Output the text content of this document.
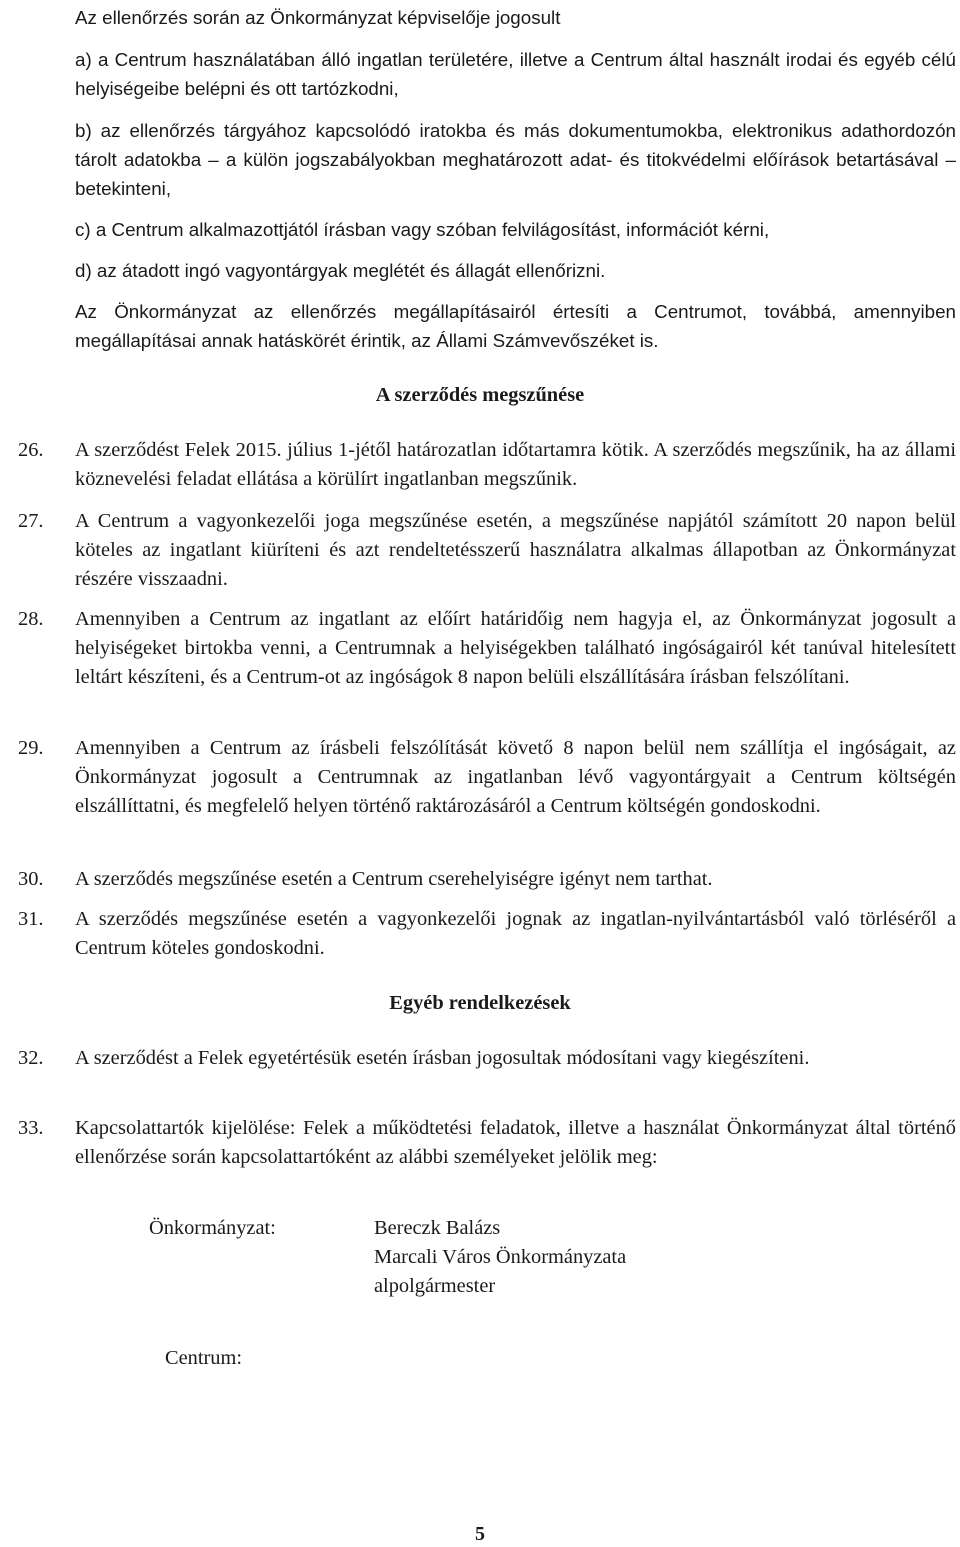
Az ellenőrzés során az Önkormányzat képviselője jogosult

a) a Centrum használatában álló ingatlan területére, illetve a Centrum által használt irodai és egyéb célú helyiségeibe belépni és ott tartózkodni,

b) az ellenőrzés tárgyához kapcsolódó iratokba és más dokumentumokba, elektronikus adathordozón tárolt adatokba – a külön jogszabályokban meghatározott adat- és titokvédelmi előírások betartásával – betekinteni,

c) a Centrum alkalmazottjától írásban vagy szóban felvilágosítást, információt kérni,

d) az átadott ingó vagyontárgyak meglétét és állagát ellenőrizni.

Az Önkormányzat az ellenőrzés megállapításairól értesíti a Centrumot, továbbá, amennyiben megállapításai annak hatáskörét érintik, az Állami Számvevőszéket is.

A szerződés megszűnése

26. A szerződést Felek 2015. július 1-jétől határozatlan időtartamra kötik. A szerződés megszűnik, ha az állami köznevelési feladat ellátása a körülírt ingatlanban megszűnik.

27. A Centrum a vagyonkezelői joga megszűnése esetén, a megszűnése napjától számított 20 napon belül köteles az ingatlant kiüríteni és azt rendeltetésszerű használatra alkalmas állapotban az Önkormányzat részére visszaadni.

28. Amennyiben a Centrum az ingatlant az előírt határidőig nem hagyja el, az Önkormányzat jogosult a helyiségeket birtokba venni, a Centrumnak a helyiségekben található ingóságairól két tanúval hitelesített leltárt készíteni, és a Centrum-ot az ingóságok 8 napon belüli elszállítására írásban felszólítani.

29. Amennyiben a Centrum az írásbeli felszólítását követő 8 napon belül nem szállítja el ingóságait, az Önkormányzat jogosult a Centrumnak az ingatlanban lévő vagyontárgyait a Centrum költségén elszállíttatni, és megfelelő helyen történő raktározásáról a Centrum költségén gondoskodni.

30. A szerződés megszűnése esetén a Centrum cserehelyiségre igényt nem tarthat.

31. A szerződés megszűnése esetén a vagyonkezelői jognak az ingatlan-nyilvántartásból való törléséről a Centrum köteles gondoskodni.

Egyéb rendelkezések

32. A szerződést a Felek egyetértésük esetén írásban jogosultak módosítani vagy kiegészíteni.

33. Kapcsolattartók kijelölése: Felek a működtetési feladatok, illetve a használat Önkormányzat által történő ellenőrzése során kapcsolattartóként az alábbi személyeket jelölik meg:

Önkormányzat:	Bereczk Balázs

Marcali Város Önkormányzata

alpolgármester

Centrum:

5
